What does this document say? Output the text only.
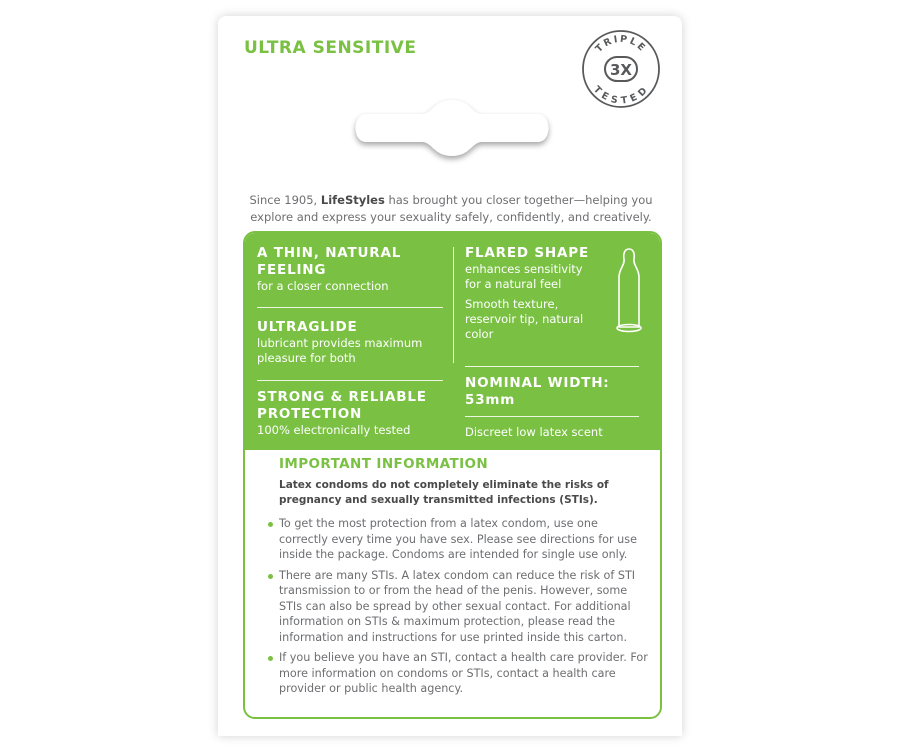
ULTRA SENSITIVE	TRIPLE
TESTED
3X
Since 1905, LifeStyles has brought you closer together—helping you explore and express your sexuality safely, confidently, and creatively.
A THIN, NATURAL FEELING
for a closer connection
ULTRAGLIDE
lubricant provides maximum pleasure for both
STRONG & RELIABLE PROTECTION
100% electronically tested
FLARED SHAPE
enhances sensitivity for a natural feel
Smooth texture, reservoir tip, natural color
NOMINAL WIDTH: 53mm
Discreet low latex scent
IMPORTANT INFORMATION
Latex condoms do not completely eliminate the risks of pregnancy and sexually transmitted infections (STIs).
To get the most protection from a latex condom, use one correctly every time you have sex. Please see directions for use inside the package. Condoms are intended for single use only.
There are many STIs. A latex condom can reduce the risk of STI transmission to or from the head of the penis. However, some STIs can also be spread by other sexual contact. For additional information on STIs & maximum protection, please read the information and instructions for use printed inside this carton.
If you believe you have an STI, contact a health care provider. For more information on condoms or STIs, contact a health care provider or public health agency.
